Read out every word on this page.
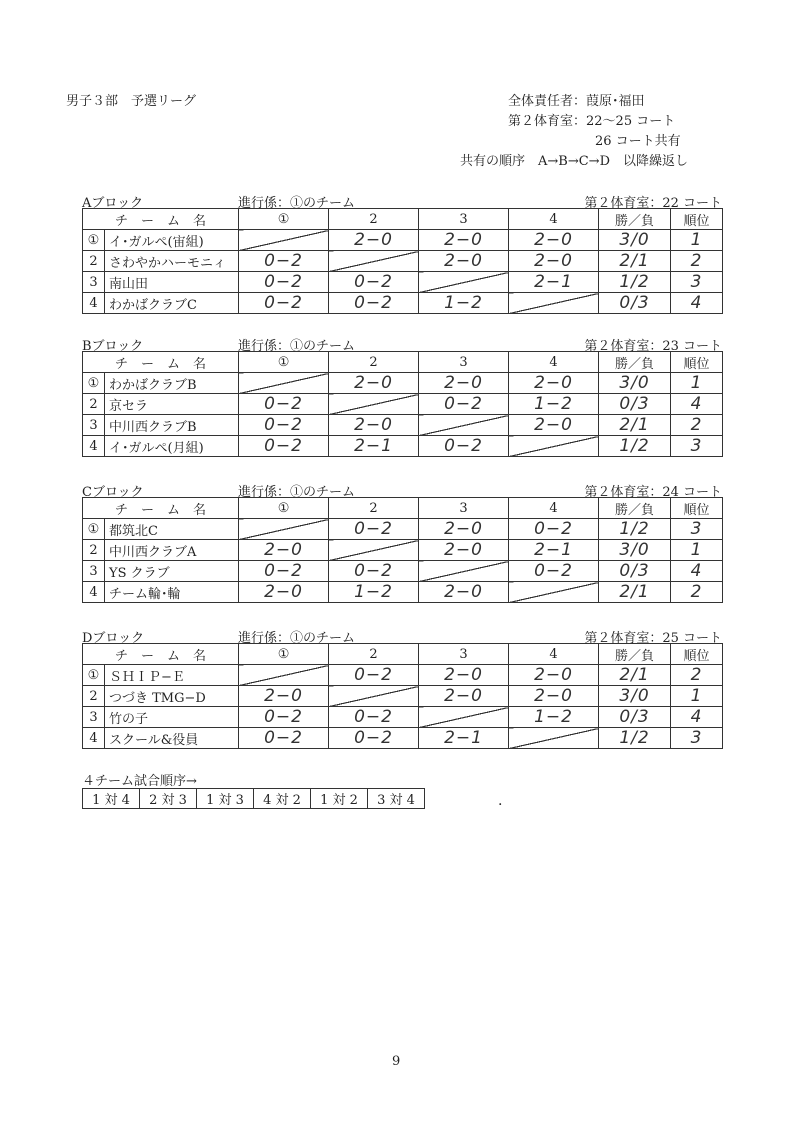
男子３部　予選リーグ	全体責任者：葭原･福田
第２体育室：22～25 コート
26 コート共有
共有の順序　A→B→C→D　以降繰返し
Aブロック	進行係：①のチーム	第２体育室：22 コート
チ　ー　ム　名		①	2	3	4	勝／負	順位
①	イ･ガルペ(宙組)		2−0	2−0	2−0	3/0	1
2	さわやかハーモニィ	0−2		2−0	2−0	2/1	2
3	南山田	0−2	0−2		2−1	1/2	3
4	わかばクラブC	0−2	0−2	1−2		0/3	4
Bブロック	進行係：①のチーム	第２体育室：23 コート
チ　ー　ム　名		①	2	3	4	勝／負	順位
①	わかばクラブB		2−0	2−0	2−0	3/0	1
2	京セラ	0−2		0−2	1−2	0/3	4
3	中川西クラブB	0−2	2−0		2−0	2/1	2
4	イ･ガルペ(月組)	0−2	2−1	0−2		1/2	3
Cブロック	進行係：①のチーム	第２体育室：24 コート
チ　ー　ム　名		①	2	3	4	勝／負	順位
①	都筑北C		0−2	2−0	0−2	1/2	3
2	中川西クラブA	2−0		2−0	2−1	3/0	1
3	YS クラブ	0−2	0−2		0−2	0/3	4
4	チーム輪･輪	2−0	1−2	2−0		2/1	2
Dブロック	進行係：①のチーム	第２体育室：25 コート
チ　ー　ム　名		①	2	3	4	勝／負	順位
①	ＳＨＩＰ−Ｅ		0−2	2−0	2−0	2/1	2
2	つづき TMG−D	2−0		2−0	2−0	3/0	1
3	竹の子	0−2	0−2		1−2	0/3	4
4	スクール&役員	0−2	0−2	2−1		1/2	3
４チーム試合順序→
1 対 4	2 対 3	1 対 3	4 対 2	1 対 2	3 対 4	.
9
